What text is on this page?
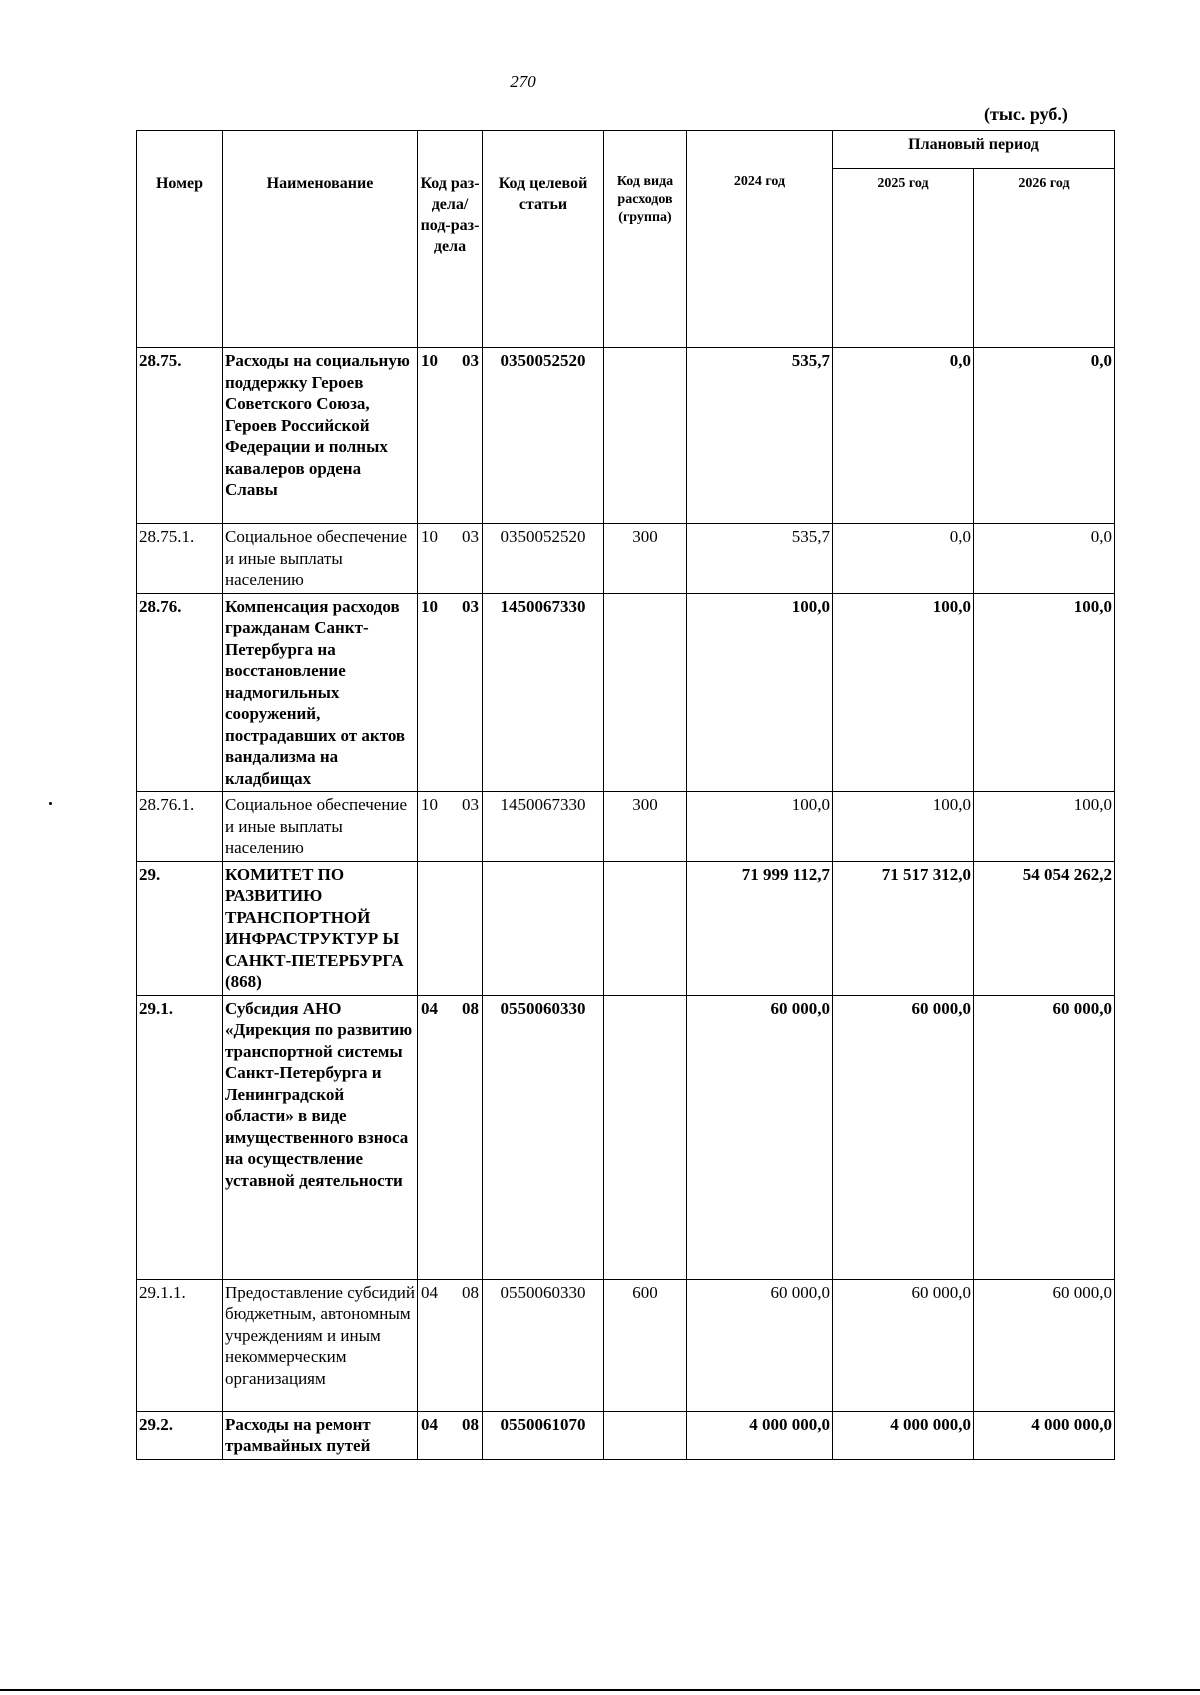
270
(тыс. руб.)
Номер	Наименование	Код раз-дела/ под-раз-дела	Код целевой статьи	Код вида расходов (группа)	2024 год	Плановый период	
						2025 год	2026 год
28.75.	Расходы на социальную поддержку Героев Советского Союза, Героев Российской Федерации и полных кавалеров ордена Славы	10 03	0350052520		535,7	0,0	0,0
28.75.1.	Социальное обеспечение и иные выплаты населению	10 03	0350052520	300	535,7	0,0	0,0
28.76.	Компенсация расходов гражданам Санкт-Петербурга на восстановление надмогильных сооружений, пострадавших от актов вандализма на кладбищах	10 03	1450067330		100,0	100,0	100,0
28.76.1.	Социальное обеспечение и иные выплаты населению	10 03	1450067330	300	100,0	100,0	100,0
29.	КОМИТЕТ ПО РАЗВИТИЮ ТРАНСПОРТНОЙ ИНФРАСТРУКТУР Ы САНКТ-ПЕТЕРБУРГА (868)				71 999 112,7	71 517 312,0	54 054 262,2
29.1.	Субсидия АНО «Дирекция по развитию транспортной системы Санкт-Петербурга и Ленинградской области» в виде имущественного взноса на осуществление уставной деятельности	04 08	0550060330		60 000,0	60 000,0	60 000,0
29.1.1.	Предоставление субсидий бюджетным, автономным учреждениям и иным некоммерческим организациям	04 08	0550060330	600	60 000,0	60 000,0	60 000,0
29.2.	Расходы на ремонт трамвайных путей	04 08	0550061070		4 000 000,0	4 000 000,0	4 000 000,0
